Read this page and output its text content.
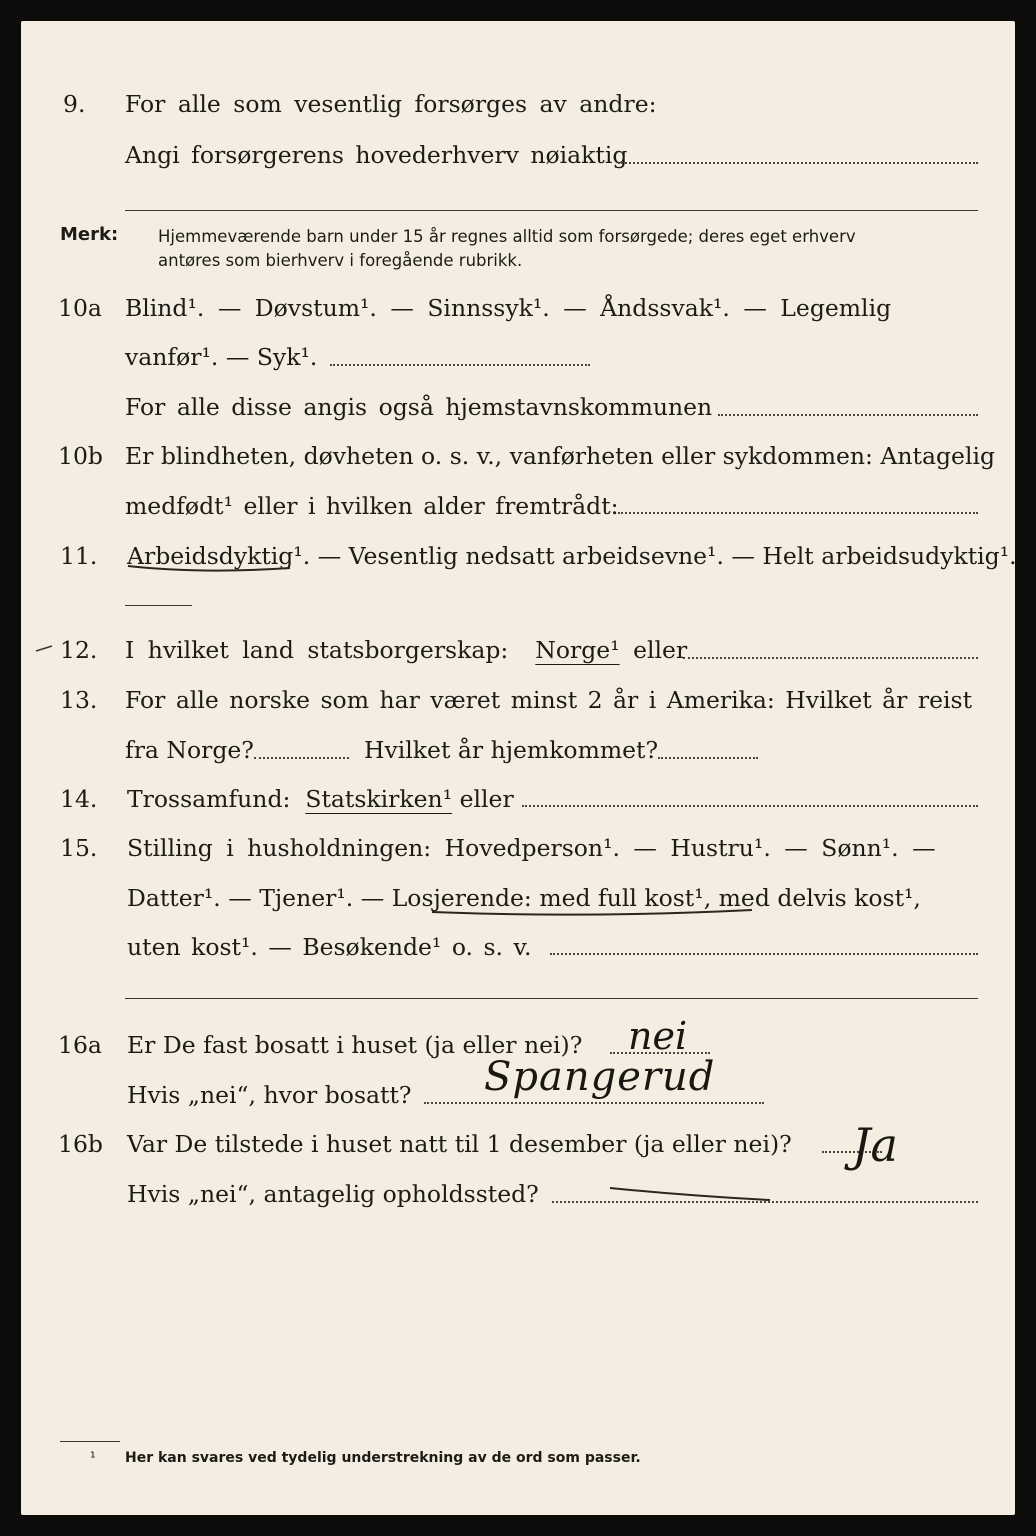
9. For alle som vesentlig forsørges av andre:
Angi forsørgerens hovederhverv nøiaktig
Merk: Hjemmeværende barn under 15 år regnes alltid som forsørgede; deres eget erhverv
antøres som bierhverv i foregående rubrikk.
10a Blind¹. — Døvstum¹. — Sinnssyk¹. — Åndssvak¹. — Legemlig
vanfør¹. — Syk¹.
For alle disse angis også hjemstavnskommunen
10b Er blindheten, døvheten o. s. v., vanførheten eller sykdommen: Antagelig
medfødt¹ eller i hvilken alder fremtrådt:
11. Arbeidsdyktig¹. — Vesentlig nedsatt arbeidsevne¹. — Helt arbeidsudyktig¹.
12. I hvilket land statsborgerskap: Norge¹ eller
13. For alle norske som har været minst 2 år i Amerika: Hvilket år reist
fra Norge?	Hvilket år hjemkommet?
14. Trossamfund: Statskirken¹ eller
15. Stilling i husholdningen: Hovedperson¹. — Hustru¹. — Sønn¹. —
Datter¹. — Tjener¹. — Losjerende: med full kost¹, med delvis kost¹,
uten kost¹. — Besøkende¹ o. s. v.
16a Er De fast bosatt i huset (ja eller nei)? nei
Hvis „nei“, hvor bosatt? Spangerud
16b Var De tilstede i huset natt til 1 desember (ja eller nei)? Ja
Hvis „nei“, antagelig opholdssted?
¹ Her kan svares ved tydelig understrekning av de ord som passer.
